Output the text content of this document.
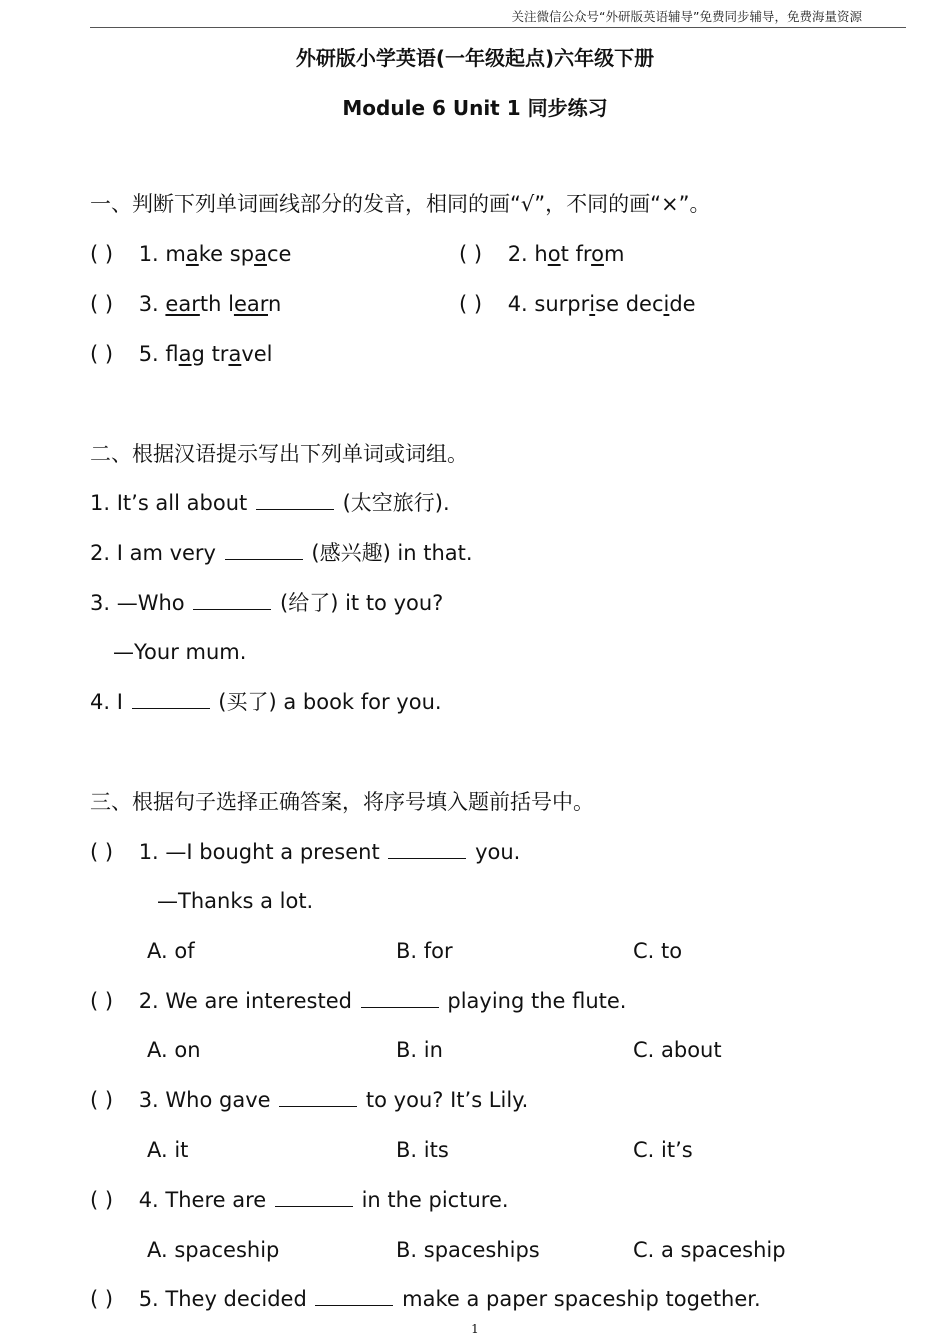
关注微信公众号“外研版英语辅导”免费同步辅导，免费海量资源
外研版小学英语(一年级起点)六年级下册
Module 6 Unit 1 同步练习
一、判断下列单词画线部分的发音，相同的画“√”，不同的画“×”。
( ) 1. make space	( ) 2. hot from
( ) 3. earth learn	( ) 4. surprise decide
( ) 5. flag travel
二、根据汉语提示写出下列单词或词组。
1. It’s all about	(太空旅行).
2. I am very	(感兴趣) in that.
3. —Who	(给了) it to you?
—Your mum.
4. I	(买了) a book for you.
三、根据句子选择正确答案，将序号填入题前括号中。
( ) 1. —I bought a present	you.
—Thanks a lot.
A. of	B. for	C. to
( ) 2. We are interested	playing the flute.
A. on	B. in	C. about
( ) 3. Who gave	to you? It’s Lily.
A. it	B. its	C. it’s
( ) 4. There are	in the picture.
A. spaceship	B. spaceships	C. a spaceship
( ) 5. They decided	make a paper spaceship together.
1
